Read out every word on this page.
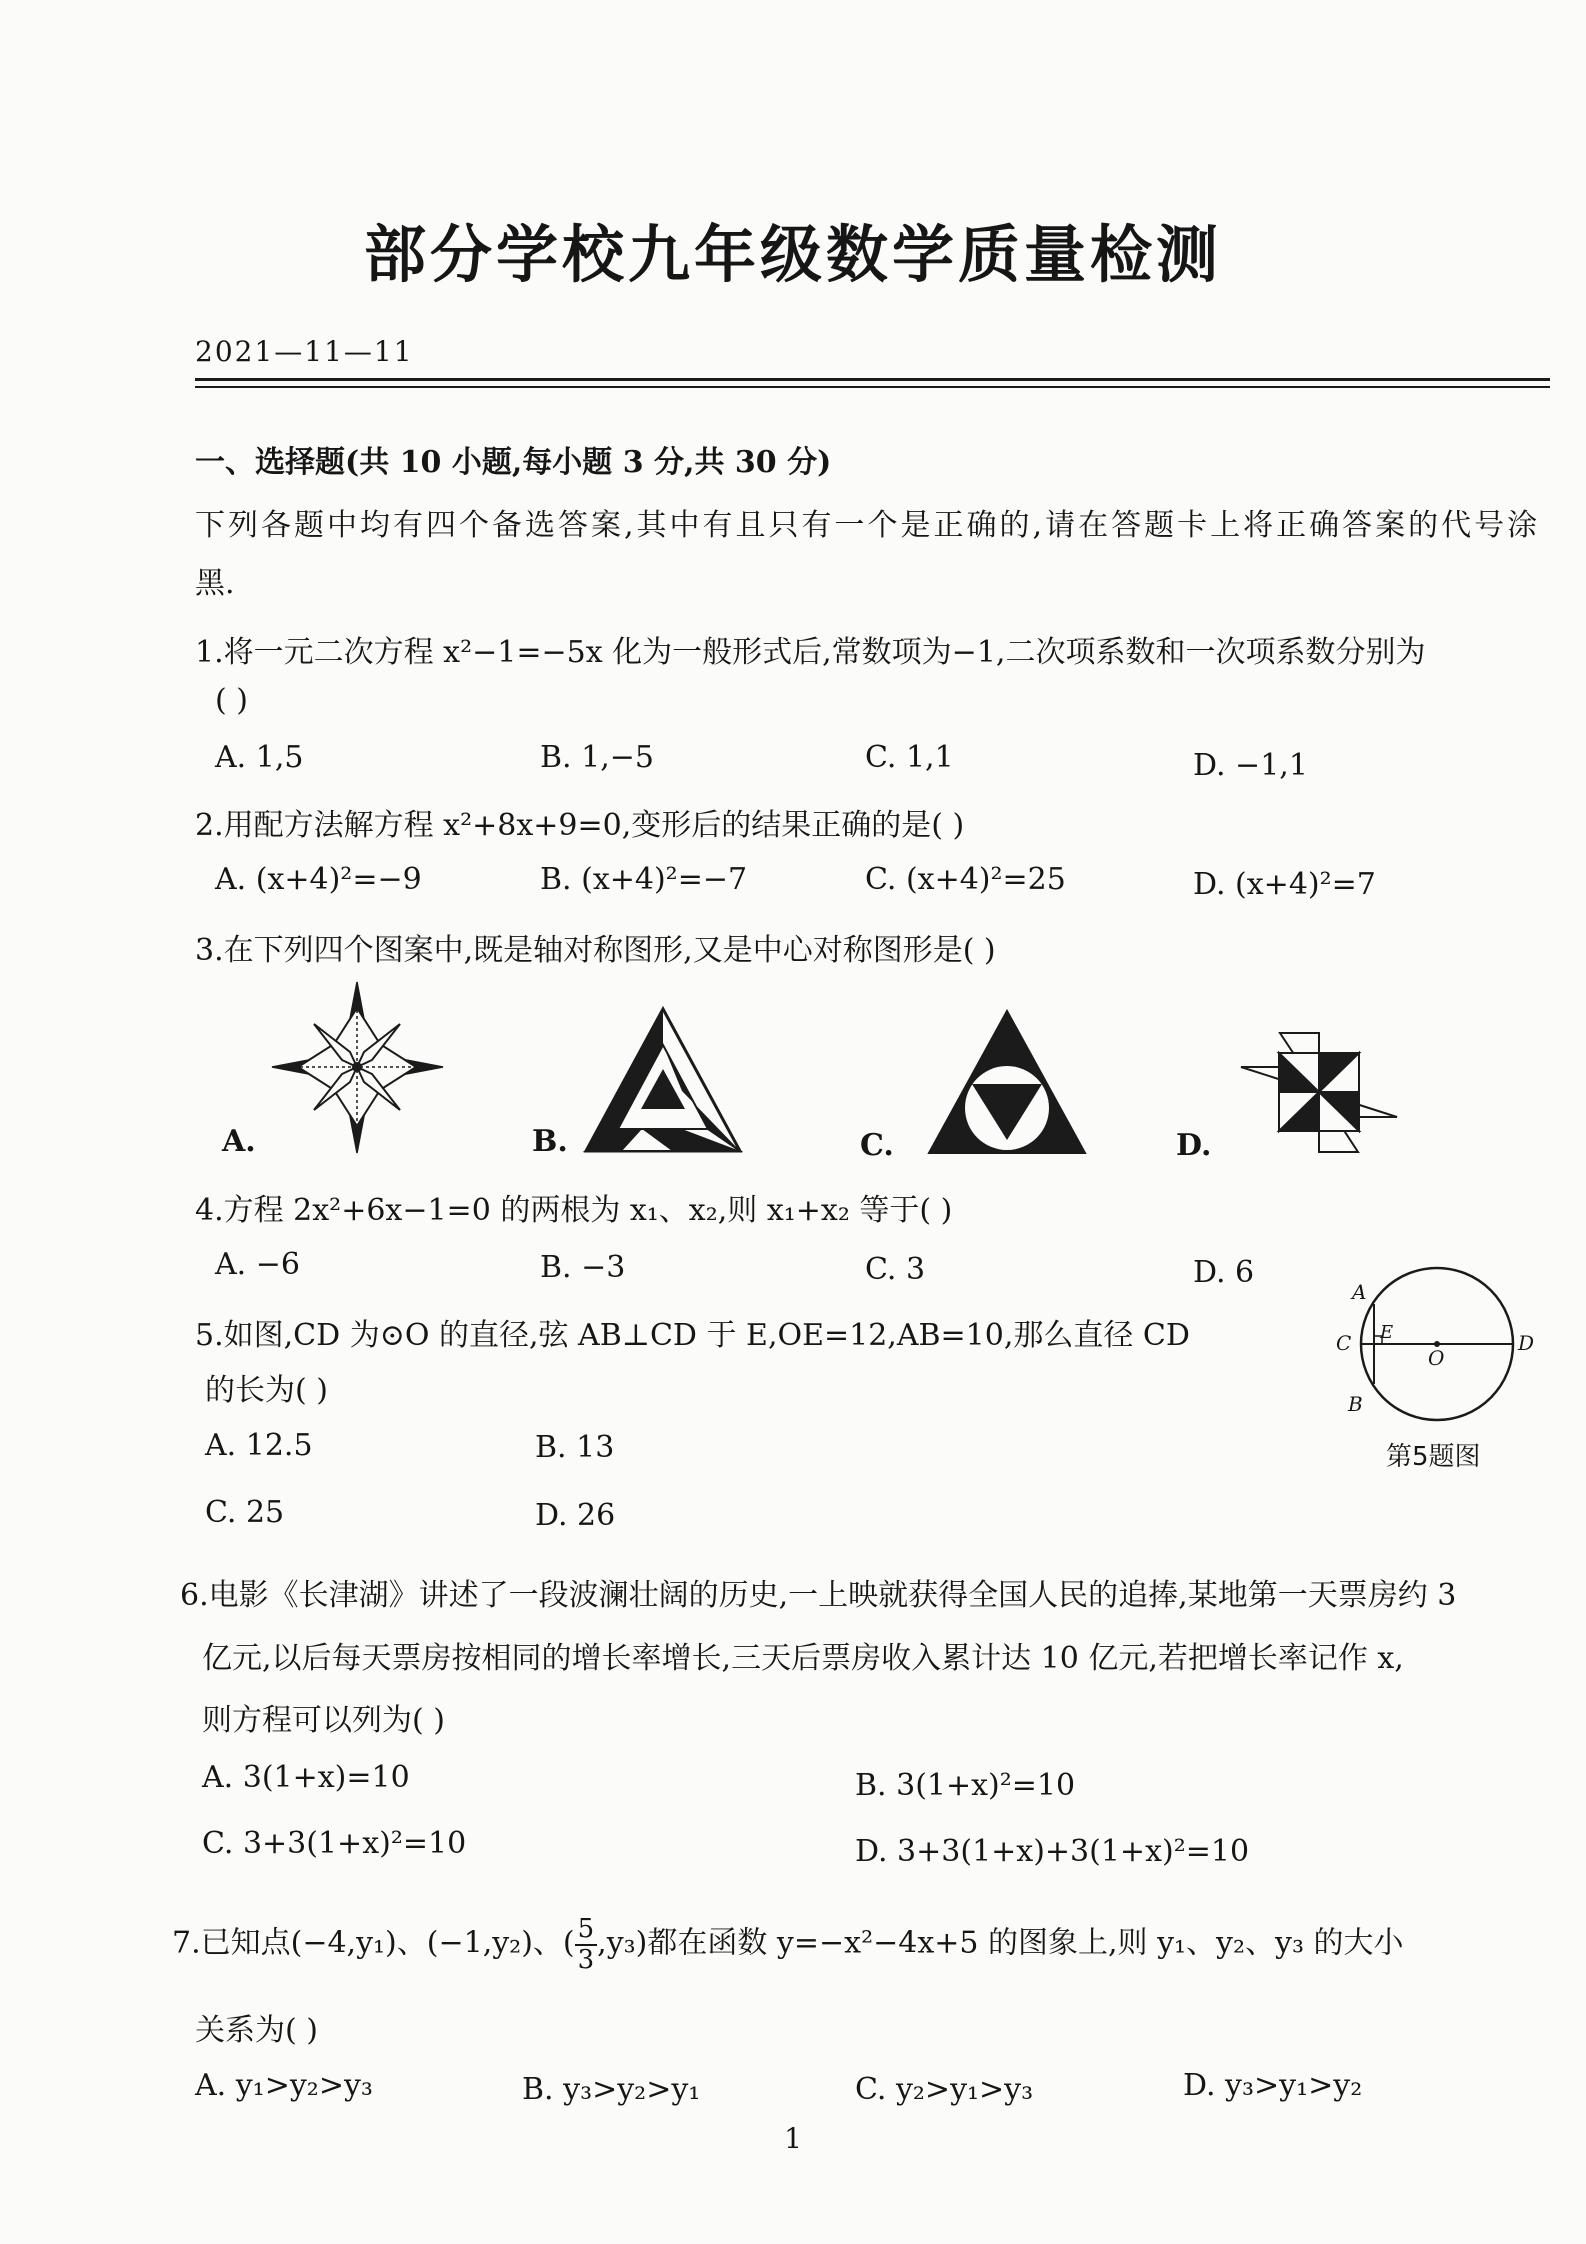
部分学校九年级数学质量检测
2021—11—11
一、选择题(共 10 小题,每小题 3 分,共 30 分)
下列各题中均有四个备选答案,其中有且只有一个是正确的,请在答题卡上将正确答案的代号涂
黑.
1.将一元二次方程 x²−1=−5x 化为一般形式后,常数项为−1,二次项系数和一次项系数分别为
( )
A. 1,5	B. 1,−5	C. 1,1	D. −1,1
2.用配方法解方程 x²+8x+9=0,变形后的结果正确的是( )
A. (x+4)²=−9	B. (x+4)²=−7	C. (x+4)²=25	D. (x+4)²=7
3.在下列四个图案中,既是轴对称图形,又是中心对称图形是( )
A.	B.	C.	D.
4.方程 2x²+6x−1=0 的两根为 x₁、x₂,则 x₁+x₂ 等于( )
A. −6	B. −3	C. 3	D. 6
5.如图,CD 为⊙O 的直径,弦 AB⊥CD 于 E,OE=12,AB=10,那么直径 CD
的长为( )
A. 12.5	B. 13
C. 25	D. 26
A
B
C	D
E
O
第5题图
6.电影《长津湖》讲述了一段波澜壮阔的历史,一上映就获得全国人民的追捧,某地第一天票房约 3
亿元,以后每天票房按相同的增长率增长,三天后票房收入累计达 10 亿元,若把增长率记作 x,
则方程可以列为( )
A. 3(1+x)=10	B. 3(1+x)²=10
C. 3+3(1+x)²=10	D. 3+3(1+x)+3(1+x)²=10
7.已知点(−4,y₁)、(−1,y₂)、( $\frac{5}{3} ,y_3$)都在函数 y=−x²−4x+5 的图象上,则 y₁、y₂、y₃ 的大小
关系为( )
A. y₁>y₂>y₃	B. y₃>y₂>y₁	C. y₂>y₁>y₃	D. y₃>y₁>y₂
1
